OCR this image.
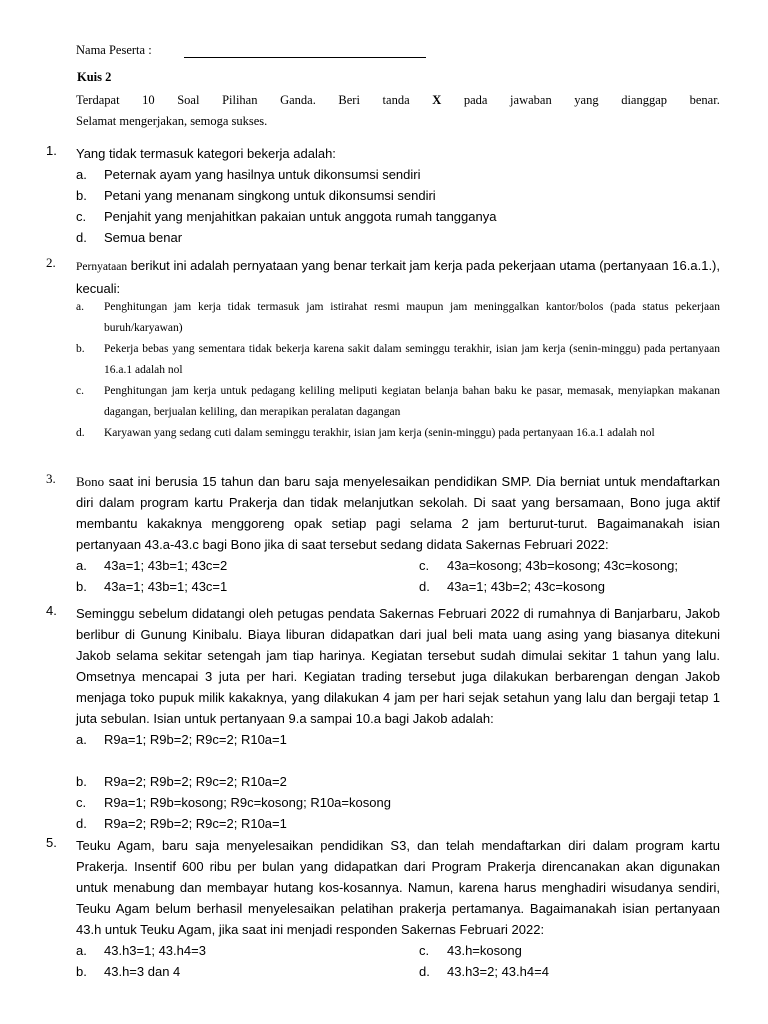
Nama Peserta :
Kuis 2
Terdapat 10 Soal Pilihan Ganda. Beri tanda X pada jawaban yang dianggap benar.
Selamat mengerjakan, semoga sukses.
1. Yang tidak termasuk kategori bekerja adalah:
a. Peternak ayam yang hasilnya untuk dikonsumsi sendiri
b. Petani yang menanam singkong untuk dikonsumsi sendiri
c. Penjahit yang menjahitkan pakaian untuk anggota rumah tangganya
d. Semua benar
2. Pernyataan berikut ini adalah pernyataan yang benar terkait jam kerja pada pekerjaan utama (pertanyaan 16.a.1.), kecuali:
a. Penghitungan jam kerja tidak termasuk jam istirahat resmi maupun jam meninggalkan kantor/bolos (pada status pekerjaan buruh/karyawan)
b. Pekerja bebas yang sementara tidak bekerja karena sakit dalam seminggu terakhir, isian jam kerja (senin-minggu) pada pertanyaan 16.a.1 adalah nol
c. Penghitungan jam kerja untuk pedagang keliling meliputi kegiatan belanja bahan baku ke pasar, memasak, menyiapkan makanan dagangan, berjualan keliling, dan merapikan peralatan dagangan
d. Karyawan yang sedang cuti dalam seminggu terakhir, isian jam kerja (senin-minggu) pada pertanyaan 16.a.1 adalah nol
3. Bono saat ini berusia 15 tahun dan baru saja menyelesaikan pendidikan SMP. Dia berniat untuk mendaftarkan diri dalam program kartu Prakerja dan tidak melanjutkan sekolah. Di saat yang bersamaan, Bono juga aktif membantu kakaknya menggoreng opak setiap pagi selama 2 jam berturut-turut. Bagaimanakah isian pertanyaan 43.a-43.c bagi Bono jika di saat tersebut sedang didata Sakernas Februari 2022:
a. 43a=1; 43b=1; 43c=2	c. 43a=kosong; 43b=kosong; 43c=kosong;
b. 43a=1; 43b=1; 43c=1	d. 43a=1; 43b=2; 43c=kosong
4. Seminggu sebelum didatangi oleh petugas pendata Sakernas Februari 2022 di rumahnya di Banjarbaru, Jakob berlibur di Gunung Kinibalu. Biaya liburan didapatkan dari jual beli mata uang asing yang biasanya ditekuni Jakob selama sekitar setengah jam tiap harinya. Kegiatan tersebut sudah dimulai sekitar 1 tahun yang lalu. Omsetnya mencapai 3 juta per hari. Kegiatan trading tersebut juga dilakukan berbarengan dengan Jakob menjaga toko pupuk milik kakaknya, yang dilakukan 4 jam per hari sejak setahun yang lalu dan bergaji tetap 1 juta sebulan. Isian untuk pertanyaan 9.a sampai 10.a bagi Jakob adalah:
a. R9a=1; R9b=2; R9c=2; R10a=1
b. R9a=2; R9b=2; R9c=2; R10a=2
c. R9a=1; R9b=kosong; R9c=kosong; R10a=kosong
d. R9a=2; R9b=2; R9c=2; R10a=1
5. Teuku Agam, baru saja menyelesaikan pendidikan S3, dan telah mendaftarkan diri dalam program kartu Prakerja. Insentif 600 ribu per bulan yang didapatkan dari Program Prakerja direncanakan akan digunakan untuk menabung dan membayar hutang kos-kosannya. Namun, karena harus menghadiri wisudanya sendiri, Teuku Agam belum berhasil menyelesaikan pelatihan prakerja pertamanya. Bagaimanakah isian pertanyaan 43.h untuk Teuku Agam, jika saat ini menjadi responden Sakernas Februari 2022:
a. 43.h3=1; 43.h4=3	c. 43.h=kosong
b. 43.h=3 dan 4	d. 43.h3=2; 43.h4=4
